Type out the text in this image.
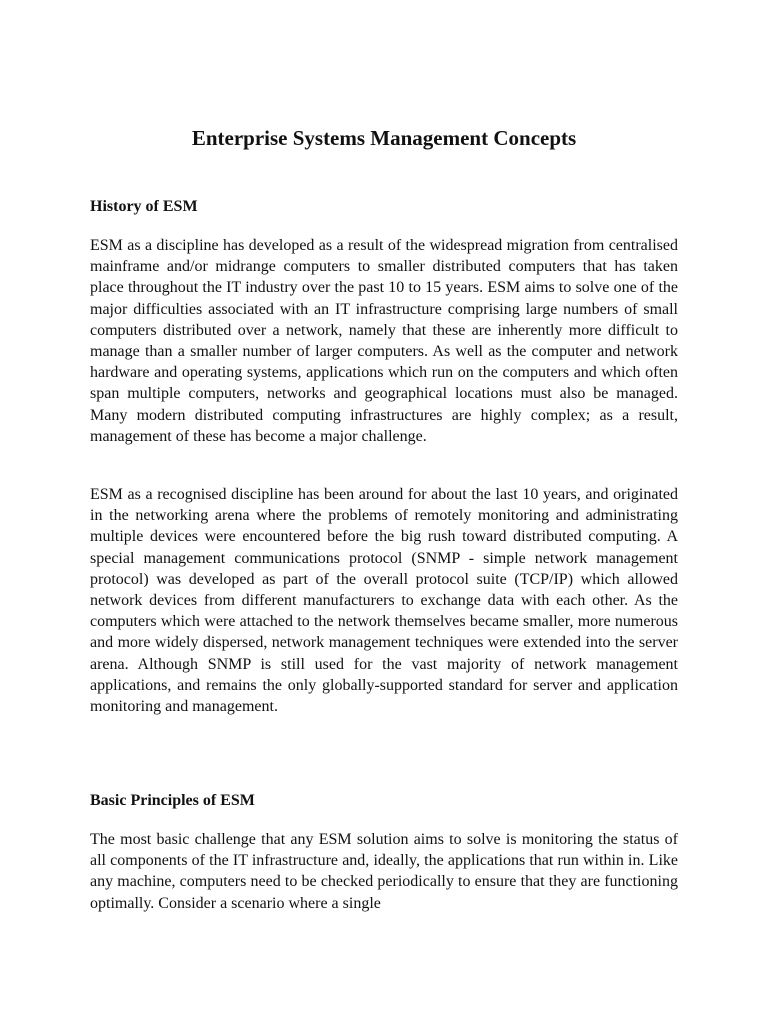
Enterprise Systems Management Concepts
History of ESM

ESM as a discipline has developed as a result of the widespread migration from centralised mainframe and/or midrange computers to smaller distributed computers that has taken place throughout the IT industry over the past 10 to 15 years. ESM aims to solve one of the major difficulties associated with an IT infrastructure comprising large numbers of small computers distributed over a network, namely that these are inherently more difficult to manage than a smaller number of larger computers. As well as the computer and network hardware and operating systems, applications which run on the computers and which often span multiple computers, networks and geographical locations must also be managed. Many modern distributed computing infrastructures are highly complex; as a result, management of these has become a major challenge.

ESM as a recognised discipline has been around for about the last 10 years, and originated in the networking arena where the problems of remotely monitoring and administrating multiple devices were encountered before the big rush toward distributed computing. A special management communications protocol (SNMP - simple network management protocol) was developed as part of the overall protocol suite (TCP/IP) which allowed network devices from different manufacturers to exchange data with each other. As the computers which were attached to the network themselves became smaller, more numerous and more widely dispersed, network management techniques were extended into the server arena. Although SNMP is still used for the vast majority of network management applications, and remains the only globally-supported standard for server and application monitoring and management.

Basic Principles of ESM

The most basic challenge that any ESM solution aims to solve is monitoring the status of all components of the IT infrastructure and, ideally, the applications that run within in. Like any machine, computers need to be checked periodically to ensure that they are functioning optimally. Consider a scenario where a single
